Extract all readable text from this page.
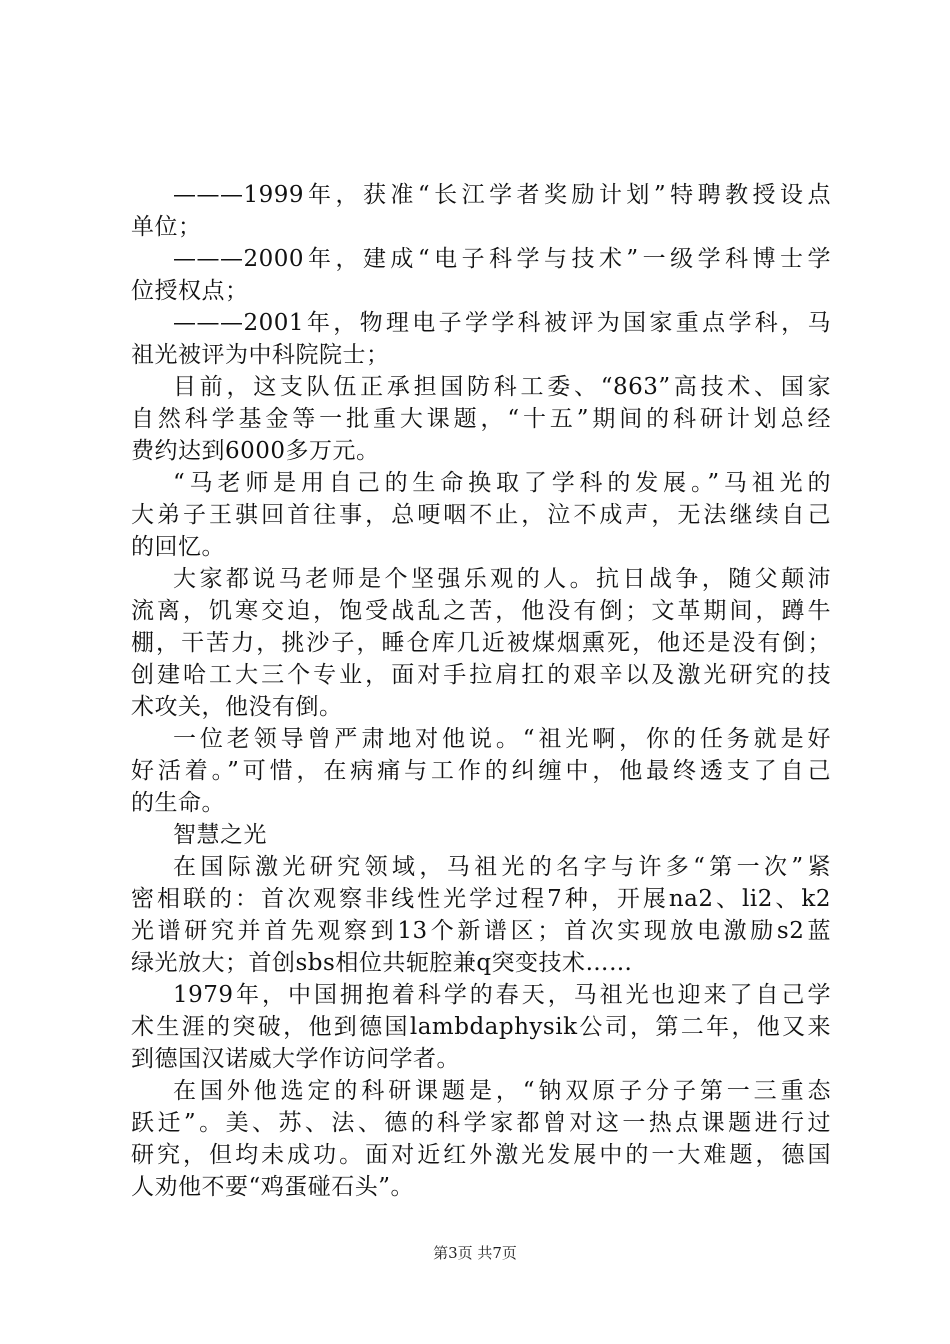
———1999年，获准“长江学者奖励计划”特聘教授设点
单位；
———2000年，建成“电子科学与技术”一级学科博士学
位授权点；
———2001年，物理电子学学科被评为国家重点学科，马
祖光被评为中科院院士；
目前，这支队伍正承担国防科工委、“863”高技术、国家
自然科学基金等一批重大课题，“十五”期间的科研计划总经
费约达到6000多万元。
“马老师是用自己的生命换取了学科的发展。”马祖光的
大弟子王骐回首往事，总哽咽不止，泣不成声，无法继续自己
的回忆。
大家都说马老师是个坚强乐观的人。抗日战争，随父颠沛
流离，饥寒交迫，饱受战乱之苦，他没有倒；文革期间，蹲牛
棚，干苦力，挑沙子，睡仓库几近被煤烟熏死，他还是没有倒；
创建哈工大三个专业，面对手拉肩扛的艰辛以及激光研究的技
术攻关，他没有倒。
一位老领导曾严肃地对他说。“祖光啊，你的任务就是好
好活着。”可惜，在病痛与工作的纠缠中，他最终透支了自己
的生命。
智慧之光
在国际激光研究领域，马祖光的名字与许多“第一次”紧
密相联的：首次观察非线性光学过程7种，开展na2、li2、k2
光谱研究并首先观察到13个新谱区；首次实现放电激励s2蓝
绿光放大；首创sbs相位共轭腔兼q突变技术……
1979年，中国拥抱着科学的春天，马祖光也迎来了自己学
术生涯的突破，他到德国lambdaphysik公司，第二年，他又来
到德国汉诺威大学作访问学者。
在国外他选定的科研课题是，“钠双原子分子第一三重态
跃迁”。美、苏、法、德的科学家都曾对这一热点课题进行过
研究，但均未成功。面对近红外激光发展中的一大难题，德国
人劝他不要“鸡蛋碰石头”。
第3页 共7页
